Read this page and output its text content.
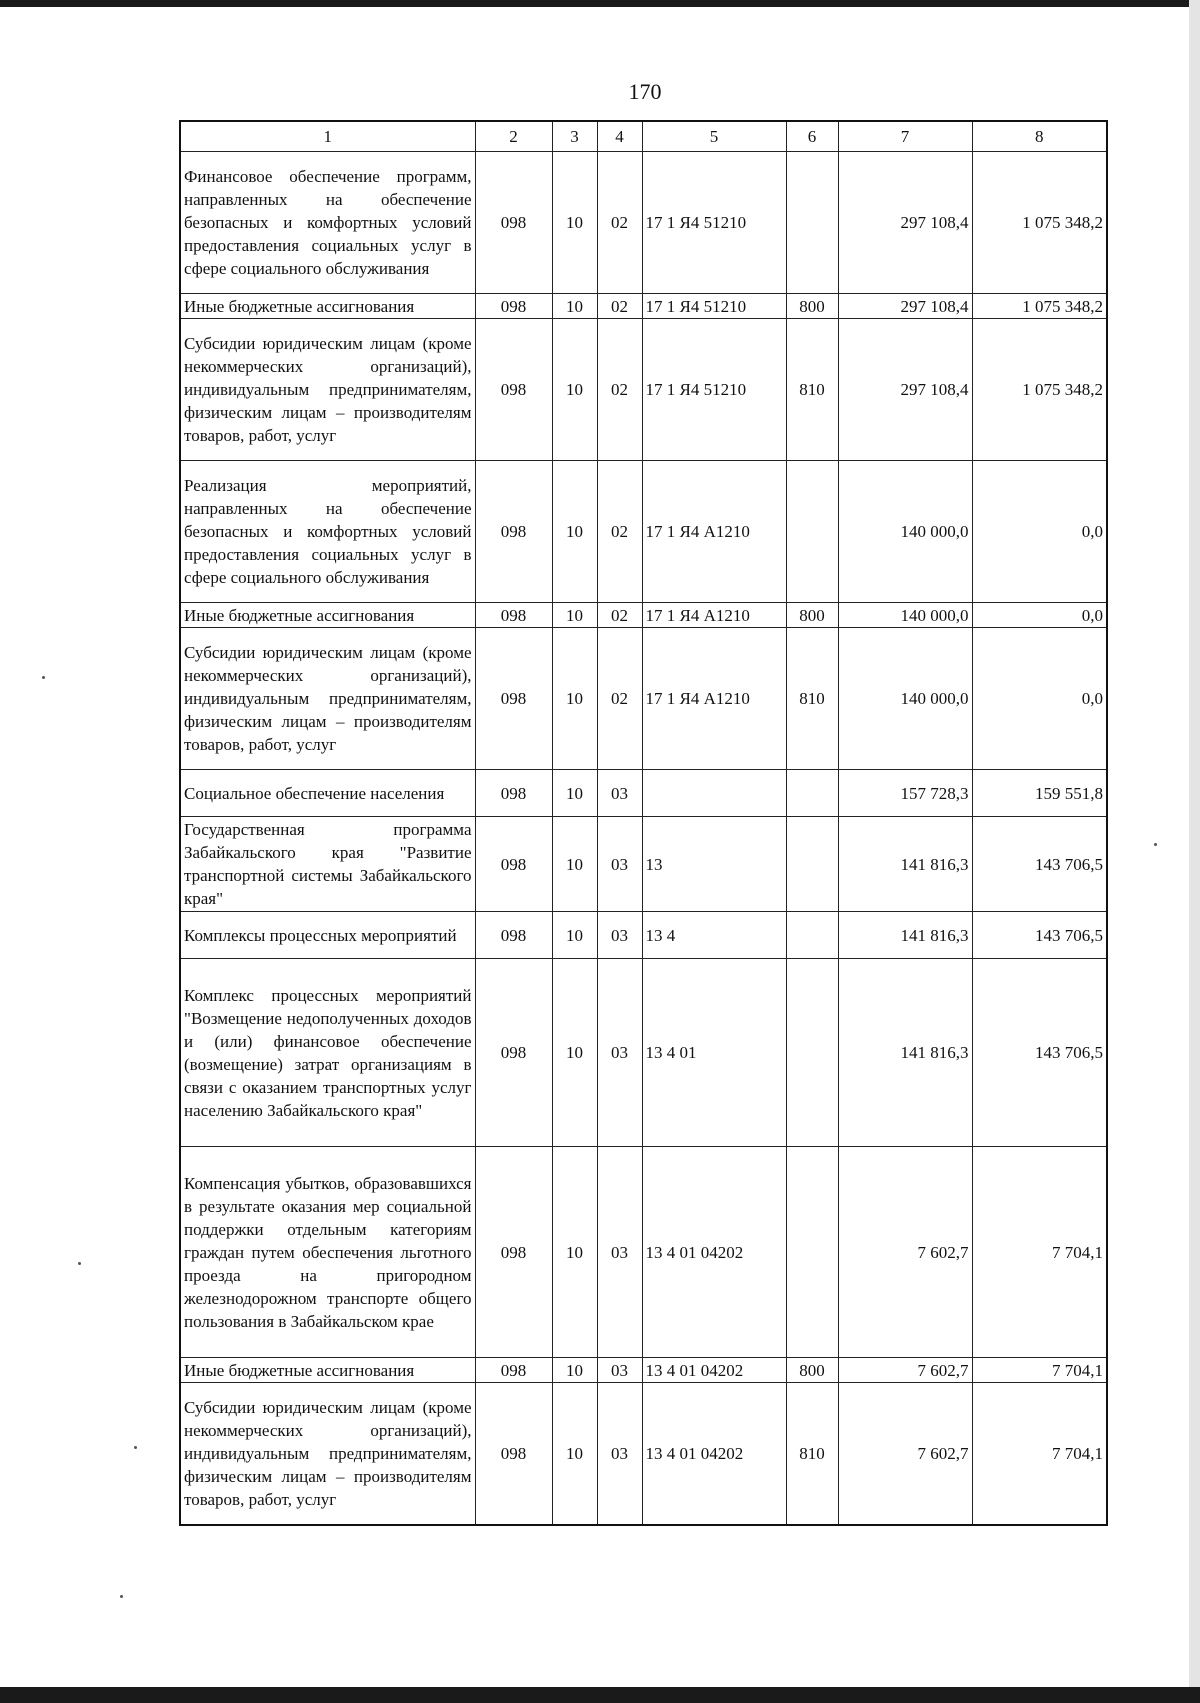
170
1	2	3	4	5	6	7	8
Финансовое обеспечение программ, направленных на обеспечение безопасных и комфортных условий предоставления социальных услуг в сфере социального обслуживания	098	10	02	17 1 Я4 51210		297 108,4	1 075 348,2
Иные бюджетные ассигнования	098	10	02	17 1 Я4 51210	800	297 108,4	1 075 348,2
Субсидии юридическим лицам (кроме некоммерческих организаций), индивидуальным предпринимателям, физическим лицам – производителям товаров, работ, услуг	098	10	02	17 1 Я4 51210	810	297 108,4	1 075 348,2
Реализация мероприятий, направленных на обеспечение безопасных и комфортных условий предоставления социальных услуг в сфере социального обслуживания	098	10	02	17 1 Я4 А1210		140 000,0	0,0
Иные бюджетные ассигнования	098	10	02	17 1 Я4 А1210	800	140 000,0	0,0
Субсидии юридическим лицам (кроме некоммерческих организаций), индивидуальным предпринимателям, физическим лицам – производителям товаров, работ, услуг	098	10	02	17 1 Я4 А1210	810	140 000,0	0,0
Социальное обеспечение населения	098	10	03			157 728,3	159 551,8
Государственная программа Забайкальского края "Развитие транспортной системы Забайкальского края"	098	10	03	13		141 816,3	143 706,5
Комплексы процессных мероприятий	098	10	03	13 4		141 816,3	143 706,5
Комплекс процессных мероприятий "Возмещение недополученных доходов и (или) финансовое обеспечение (возмещение) затрат организациям в связи с оказанием транспортных услуг населению Забайкальского края"	098	10	03	13 4 01		141 816,3	143 706,5
Компенсация убытков, образовавшихся в результате оказания мер социальной поддержки отдельным категориям граждан путем обеспечения льготного проезда на пригородном железнодорожном транспорте общего пользования в Забайкальском крае	098	10	03	13 4 01 04202		7 602,7	7 704,1
Иные бюджетные ассигнования	098	10	03	13 4 01 04202	800	7 602,7	7 704,1
Субсидии юридическим лицам (кроме некоммерческих организаций), индивидуальным предпринимателям, физическим лицам – производителям товаров, работ, услуг	098	10	03	13 4 01 04202	810	7 602,7	7 704,1
